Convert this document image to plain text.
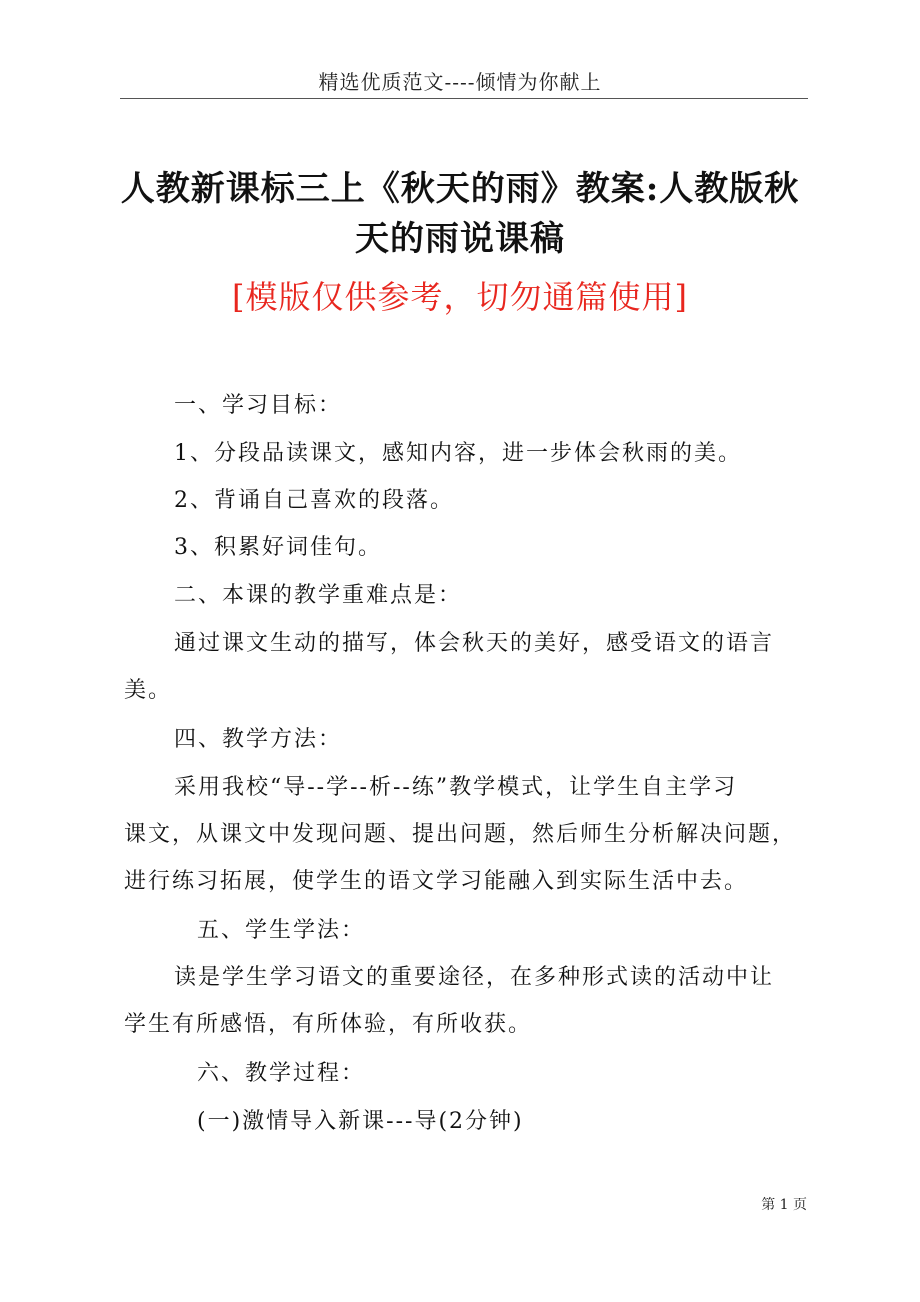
精选优质范文----倾情为你献上
人教新课标三上《秋天的雨》教案:人教版秋
天的雨说课稿
[模版仅供参考，切勿通篇使用]
一、学习目标：
1、分段品读课文，感知内容，进一步体会秋雨的美。
2、背诵自己喜欢的段落。
3、积累好词佳句。
二、本课的教学重难点是：
通过课文生动的描写，体会秋天的美好，感受语文的语言
美。
四、教学方法：
采用我校“导--学--析--练”教学模式，让学生自主学习
课文，从课文中发现问题、提出问题，然后师生分析解决问题，
进行练习拓展，使学生的语文学习能融入到实际生活中去。
五、学生学法：
读是学生学习语文的重要途径，在多种形式读的活动中让
学生有所感悟，有所体验，有所收获。
六、教学过程：
(一)激情导入新课---导(2分钟)
第 1 页
